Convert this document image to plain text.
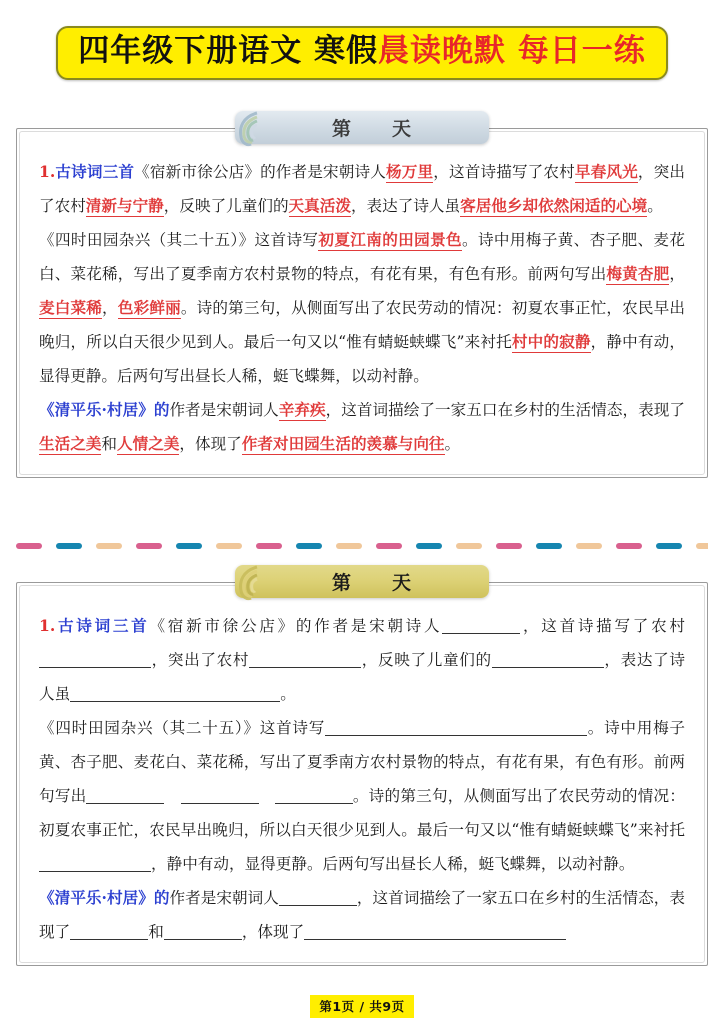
四年级下册语文 寒假晨读晚默 每日一练
第　　天

1.古诗词三首《宿新市徐公店》的作者是宋朝诗人杨万里，这首诗描写了农村早春风光，突出了农村清新与宁静，反映了儿童们的天真活泼，表达了诗人虽客居他乡却依然闲适的心境。

《四时田园杂兴（其二十五）》这首诗写初夏江南的田园景色。诗中用梅子黄、杏子肥、麦花白、菜花稀，写出了夏季南方农村景物的特点，有花有果，有色有形。前两句写出梅黄杏肥，麦白菜稀，色彩鲜丽。诗的第三句，从侧面写出了农民劳动的情况：初夏农事正忙，农民早出晚归，所以白天很少见到人。最后一句又以“惟有蜻蜓蛱蝶飞”来衬托村中的寂静，静中有动，显得更静。后两句写出昼长人稀，蜓飞蝶舞，以动衬静。

《清平乐·村居》的作者是宋朝词人辛弃疾，这首词描绘了一家五口在乡村的生活情态，表现了生活之美和人情之美，体现了作者对田园生活的羡慕与向往。

第　　天

1.古诗词三首《宿新市徐公店》的作者是宋朝诗人	，这首诗描写了农村，突出了农村	，反映了儿童们的	，表达了诗人虽	。

《四时田园杂兴（其二十五）》这首诗写	。诗中用梅子黄、杏子肥、麦花白、菜花稀，写出了夏季南方农村景物的特点，有花有果，有色有形。前两句写出　　	。诗的第三句，从侧面写出了农民劳动的情况：初夏农事正忙，农民早出晚归，所以白天很少见到人。最后一句又以“惟有蜻蜓蛱蝶飞”来衬托，静中有动，显得更静。后两句写出昼长人稀，蜓飞蝶舞，以动衬静。

《清平乐·村居》的作者是宋朝词人	，这首词描绘了一家五口在乡村的生活情态，表现了	和	，体现了

第1页 / 共9页
